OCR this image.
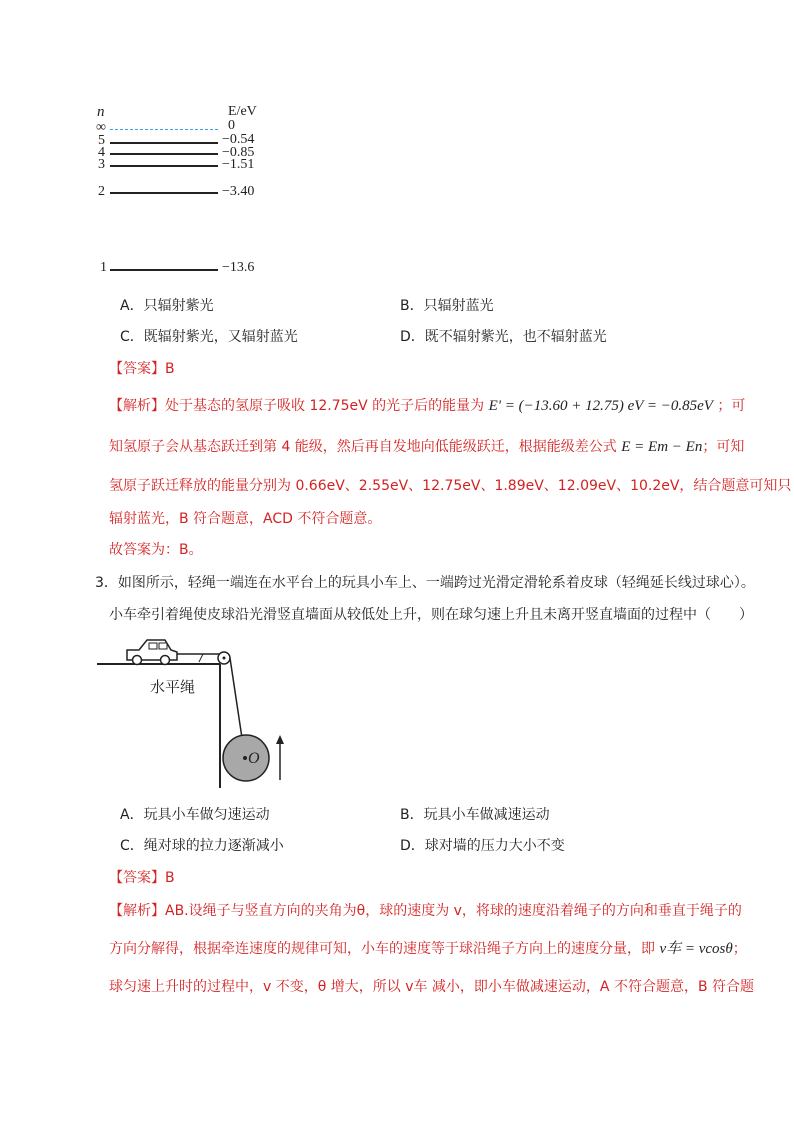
n	E/eV
∞	0
5	−0.54
4	−0.85
3	−1.51
2	−3.40
1	−13.6
A．只辐射紫光	B．只辐射蓝光
C．既辐射紫光，又辐射蓝光	D．既不辐射紫光，也不辐射蓝光
【答案】B
【解析】处于基态的氢原子吸收 12.75eV 的光子后的能量为 E' = (−13.60 + 12.75) eV = −0.85eV ；可
知氢原子会从基态跃迁到第 4 能级，然后再自发地向低能级跃迁，根据能级差公式 E = Em − En；可知
氢原子跃迁释放的能量分别为 0.66eV、2.55eV、12.75eV、1.89eV、12.09eV、10.2eV，结合题意可知只
辐射蓝光，B 符合题意，ACD 不符合题意。
故答案为：B。
3．如图所示，轻绳一端连在水平台上的玩具小车上、一端跨过光滑定滑轮系着皮球（轻绳延长线过球心）。
小车牵引着绳使皮球沿光滑竖直墙面从较低处上升，则在球匀速上升且未离开竖直墙面的过程中（　　）
水平绳
O
A．玩具小车做匀速运动	B．玩具小车做减速运动
C．绳对球的拉力逐渐减小	D．球对墙的压力大小不变
【答案】B
【解析】AB.设绳子与竖直方向的夹角为θ，球的速度为 v，将球的速度沿着绳子的方向和垂直于绳子的
方向分解得，根据牵连速度的规律可知，小车的速度等于球沿绳子方向上的速度分量，即 v车 = vcosθ；
球匀速上升时的过程中，v 不变，θ 增大，所以 v车 减小，即小车做减速运动，A 不符合题意，B 符合题
